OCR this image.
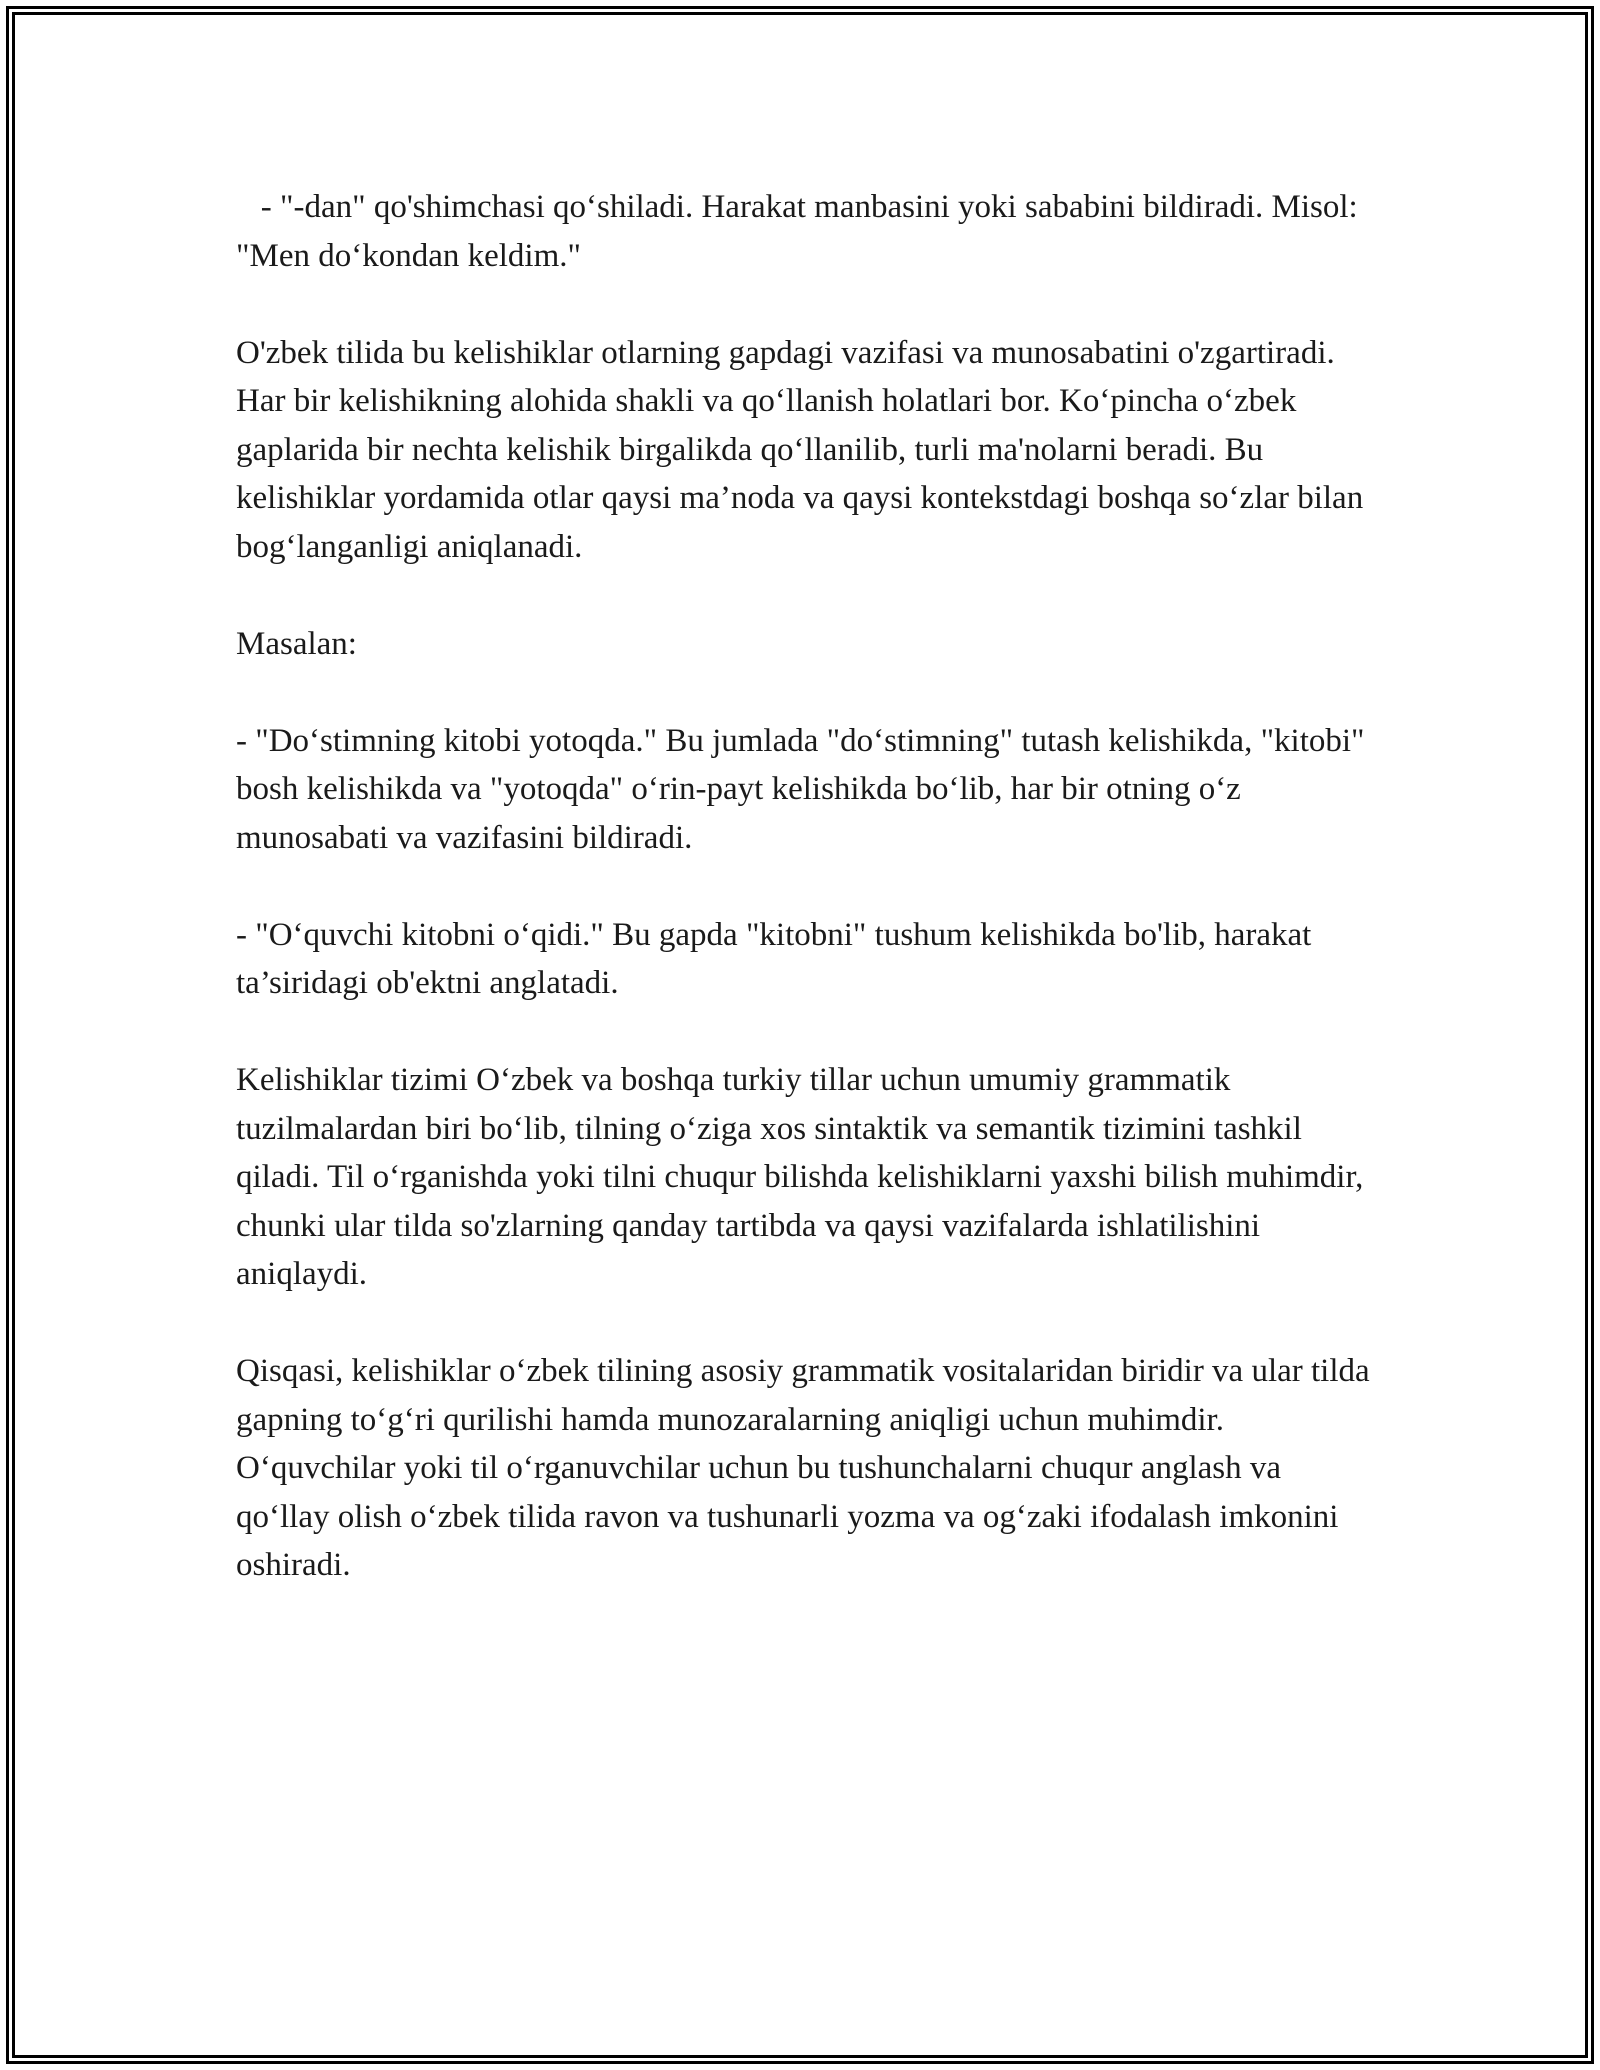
- "-dan" qo'shimchasi qo‘shiladi. Harakat manbasini yoki sababini bildiradi. Misol: "Men do‘kondan keldim."

O'zbek tilida bu kelishiklar otlarning gapdagi vazifasi va munosabatini o'zgartiradi. Har bir kelishikning alohida shakli va qo‘llanish holatlari bor. Ko‘pincha o‘zbek gaplarida bir nechta kelishik birgalikda qo‘llanilib, turli ma'nolarni beradi. Bu kelishiklar yordamida otlar qaysi ma’noda va qaysi kontekstdagi boshqa so‘zlar bilan bog‘langanligi aniqlanadi.

Masalan:

- "Do‘stimning kitobi yotoqda." Bu jumlada "do‘stimning" tutash kelishikda, "kitobi" bosh kelishikda va "yotoqda" o‘rin-payt kelishikda bo‘lib, har bir otning o‘z munosabati va vazifasini bildiradi.

- "O‘quvchi kitobni o‘qidi." Bu gapda "kitobni" tushum kelishikda bo'lib, harakat ta’siridagi ob'ektni anglatadi.

Kelishiklar tizimi O‘zbek va boshqa turkiy tillar uchun umumiy grammatik tuzilmalardan biri bo‘lib, tilning o‘ziga xos sintaktik va semantik tizimini tashkil qiladi. Til o‘rganishda yoki tilni chuqur bilishda kelishiklarni yaxshi bilish muhimdir, chunki ular tilda so'zlarning qanday tartibda va qaysi vazifalarda ishlatilishini aniqlaydi.

Qisqasi, kelishiklar o‘zbek tilining asosiy grammatik vositalaridan biridir va ular tilda gapning to‘g‘ri qurilishi hamda munozaralarning aniqligi uchun muhimdir. O‘quvchilar yoki til o‘rganuvchilar uchun bu tushunchalarni chuqur anglash va qo‘llay olish o‘zbek tilida ravon va tushunarli yozma va og‘zaki ifodalash imkonini oshiradi.
